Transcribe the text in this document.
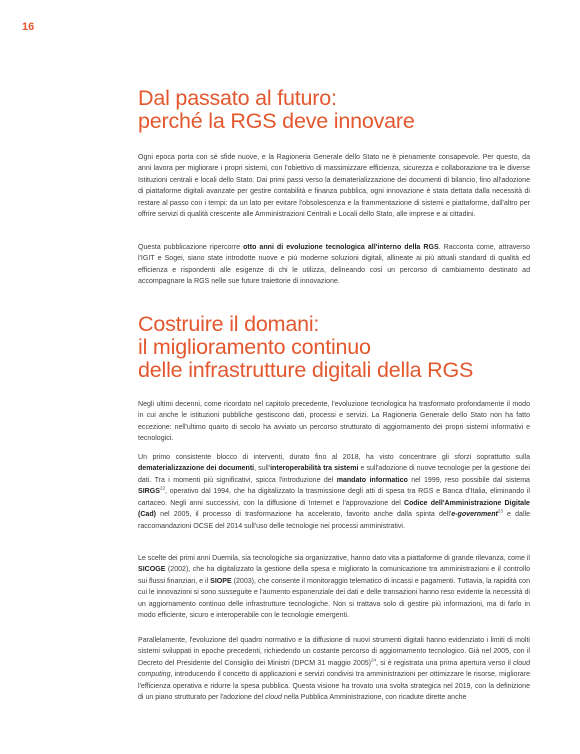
16
Dal passato al futuro:
perché la RGS deve innovare

Ogni epoca porta con sé sfide nuove, e la Ragioneria Generale dello Stato ne è pienamente consapevole. Per questo, da anni lavora per migliorare i propri sistemi, con l'obiettivo di massimizzare efficienza, sicurezza e collaborazione tra le diverse Istituzioni centrali e locali dello Stato. Dai primi passi verso la dematerializzazione dei documenti di bilancio, fino all'adozione di piattaforme digitali avanzate per gestire contabilità e finanza pubblica, ogni innovazione è stata dettata dalla necessità di restare al passo con i tempi: da un lato per evitare l'obsolescenza e la frammentazione di sistemi e piattaforme, dall'altro per offrire servizi di qualità crescente alle Amministrazioni Centrali e Locali dello Stato, alle imprese e ai cittadini.

Questa pubblicazione ripercorre otto anni di evoluzione tecnologica all'interno della RGS. Racconta come, attraverso l'IGIT e Sogei, siano state introdotte nuove e più moderne soluzioni digitali, allineate ai più attuali standard di qualità ed efficienza e rispondenti alle esigenze di chi le utilizza, delineando così un percorso di cambiamento destinato ad accompagnare la RGS nelle sue future traiettorie di innovazione.

Costruire il domani:
il miglioramento continuo
delle infrastrutture digitali della RGS

Negli ultimi decenni, come ricordato nel capitolo precedente, l'evoluzione tecnologica ha trasformato profondamente il modo in cui anche le istituzioni pubbliche gestiscono dati, processi e servizi. La Ragioneria Generale dello Stato non ha fatto eccezione: nell'ultimo quarto di secolo ha avviato un percorso strutturato di aggiornamento dei propri sistemi informativi e tecnologici.

Un primo consistente blocco di interventi, durato fino al 2018, ha visto concentrare gli sforzi soprattutto sulla dematerializzazione dei documenti, sull'interoperabilità tra sistemi e sull'adozione di nuove tecnologie per la gestione dei dati. Tra i momenti più significativi, spicca l'introduzione del mandato informatico nel 1999, reso possibile dal sistema SIRGS$^{22}$, operativo dal 1994, che ha digitalizzato la trasmissione degli atti di spesa tra RGS e Banca d'Italia, eliminando il cartaceo. Negli anni successivi, con la diffusione di Internet e l'approvazione del Codice dell'Amministrazione Digitale (Cad) nel 2005, il processo di trasformazione ha accelerato, favorito anche dalla spinta dell'e-government$^{23}$ e dalle raccomandazioni OCSE del 2014 sull'uso delle tecnologie nei processi amministrativi.

Le scelte dei primi anni Duemila, sia tecnologiche sia organizzative, hanno dato vita a piattaforme di grande rilevanza, come il SICOGE (2002), che ha digitalizzato la gestione della spesa e migliorato la comunicazione tra amministrazioni e il controllo sui flussi finanziari, e il SIOPE (2003), che consente il monitoraggio telematico di incassi e pagamenti. Tuttavia, la rapidità con cui le innovazioni si sono susseguite e l'aumento esponenziale dei dati e delle transazioni hanno reso evidente la necessità di un aggiornamento continuo delle infrastrutture tecnologiche. Non si trattava solo di gestire più informazioni, ma di farlo in modo efficiente, sicuro e interoperabile con le tecnologie emergenti.

Parallelamente, l'evoluzione del quadro normativo e la diffusione di nuovi strumenti digitali hanno evidenziato i limiti di molti sistemi sviluppati in epoche precedenti, richiedendo un costante percorso di aggiornamento tecnologico. Già nel 2005, con il Decreto del Presidente del Consiglio dei Ministri (DPCM 31 maggio 2005)$^{24}$, si è registrata una prima apertura verso il cloud computing, introducendo il concetto di applicazioni e servizi condivisi tra amministrazioni per ottimizzare le risorse, migliorare l'efficienza operativa e ridurre la spesa pubblica. Questa visione ha trovato una svolta strategica nel 2019, con la definizione di un piano strutturato per l'adozione del cloud nella Pubblica Amministrazione, con ricadute dirette anche
